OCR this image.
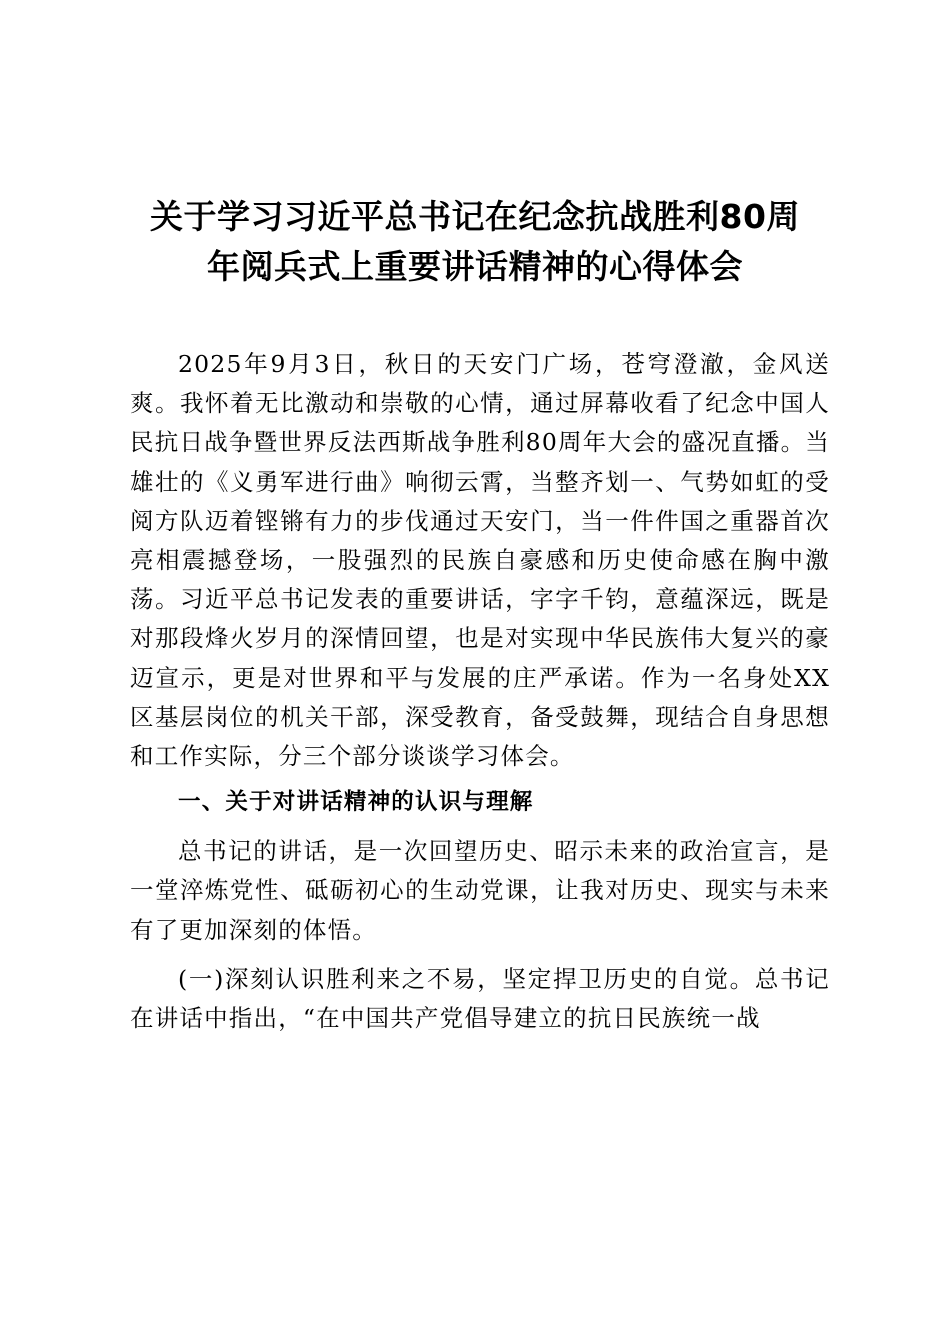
关于学习习近平总书记在纪念抗战胜利80周
年阅兵式上重要讲话精神的心得体会

2025年9月3日，秋日的天安门广场，苍穹澄澈，金风送爽。我怀着无比激动和崇敬的心情，通过屏幕收看了纪念中国人民抗日战争暨世界反法西斯战争胜利80周年大会的盛况直播。当雄壮的《义勇军进行曲》响彻云霄，当整齐划一、气势如虹的受阅方队迈着铿锵有力的步伐通过天安门，当一件件国之重器首次亮相震撼登场，一股强烈的民族自豪感和历史使命感在胸中激荡。习近平总书记发表的重要讲话，字字千钧，意蕴深远，既是对那段烽火岁月的深情回望，也是对实现中华民族伟大复兴的豪迈宣示，更是对世界和平与发展的庄严承诺。作为一名身处XX区基层岗位的机关干部，深受教育，备受鼓舞，现结合自身思想和工作实际，分三个部分谈谈学习体会。

一、关于对讲话精神的认识与理解

总书记的讲话，是一次回望历史、昭示未来的政治宣言，是一堂淬炼党性、砥砺初心的生动党课，让我对历史、现实与未来有了更加深刻的体悟。

(一)深刻认识胜利来之不易，坚定捍卫历史的自觉。总书记在讲话中指出，“在中国共产党倡导建立的抗日民族统一战
